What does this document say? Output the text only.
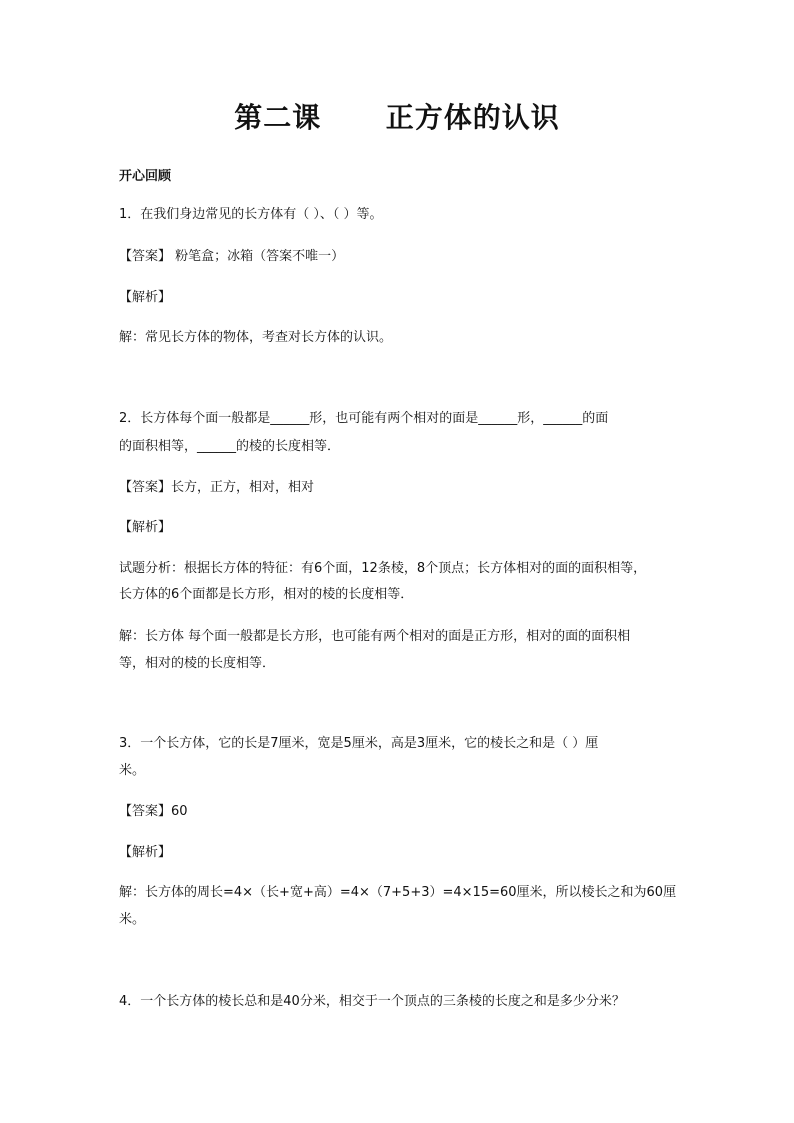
第二课      正方体的认识
开心回顾
1．在我们身边常见的长方体有（ ）、（ ）等。
【答案】 粉笔盒；冰箱（答案不唯一）
【解析】
解：常见长方体的物体，考查对长方体的认识。
2．长方体每个面一般都是______形，也可能有两个相对的面是______形，______的面
的面积相等，______的棱的长度相等．
【答案】长方，正方，相对，相对
【解析】
试题分析：根据长方体的特征：有6个面，12条棱，8个顶点；长方体相对的面的面积相等，
长方体的6个面都是长方形，相对的棱的长度相等．
解：长方体 每个面一般都是长方形，也可能有两个相对的面是正方形，相对的面的面积相
等，相对的棱的长度相等．
3．一个长方体，它的长是7厘米，宽是5厘米，高是3厘米，它的棱长之和是（ ）厘
米。
【答案】60
【解析】
解：长方体的周长=4×（长+宽+高）=4×（7+5+3）=4×15=60厘米，所以棱长之和为60厘
米。
4．一个长方体的棱长总和是40分米，相交于一个顶点的三条棱的长度之和是多少分米？
